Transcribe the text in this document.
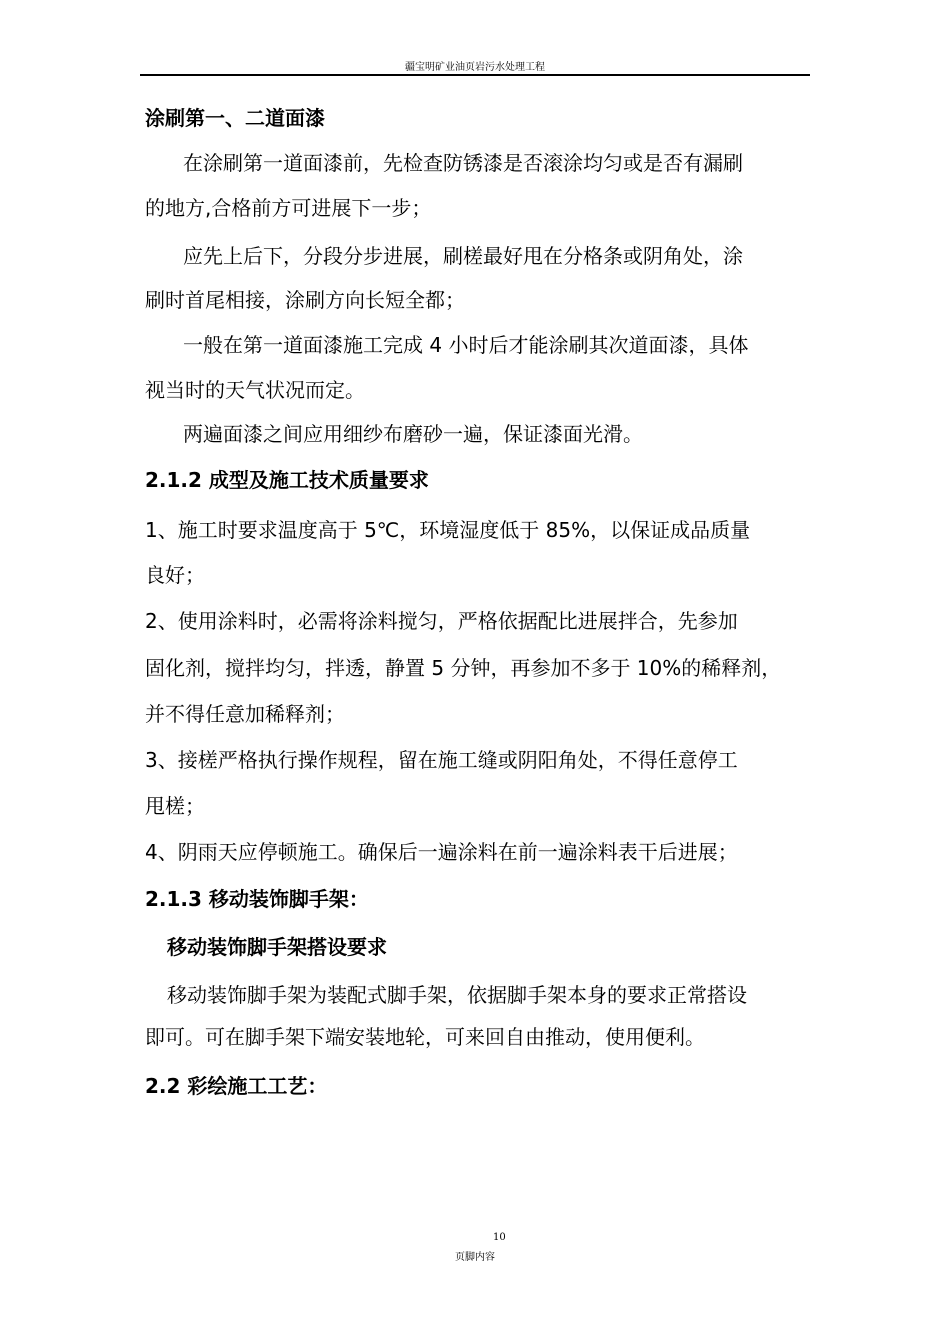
疆宝明矿业油页岩污水处理工程
涂刷第一、二道面漆
在涂刷第一道面漆前，先检查防锈漆是否滚涂均匀或是否有漏刷
的地方,合格前方可进展下一步；
应先上后下，分段分步进展，刷槎最好甩在分格条或阴角处，涂
刷时首尾相接，涂刷方向长短全都；
一般在第一道面漆施工完成 4 小时后才能涂刷其次道面漆，具体
视当时的天气状况而定。
两遍面漆之间应用细纱布磨砂一遍，保证漆面光滑。
2.1.2 成型及施工技术质量要求
1、施工时要求温度高于 5℃，环境湿度低于 85%，以保证成品质量
良好；
2、使用涂料时，必需将涂料搅匀，严格依据配比进展拌合，先参加
固化剂，搅拌均匀，拌透，静置 5 分钟，再参加不多于 10%的稀释剂，
并不得任意加稀释剂；
3、接槎严格执行操作规程，留在施工缝或阴阳角处，不得任意停工
甩槎；
4、阴雨天应停顿施工。确保后一遍涂料在前一遍涂料表干后进展；
2.1.3 移动装饰脚手架：
移动装饰脚手架搭设要求
移动装饰脚手架为装配式脚手架，依据脚手架本身的要求正常搭设
即可。可在脚手架下端安装地轮，可来回自由推动，使用便利。
2.2 彩绘施工工艺：
10
页脚内容
